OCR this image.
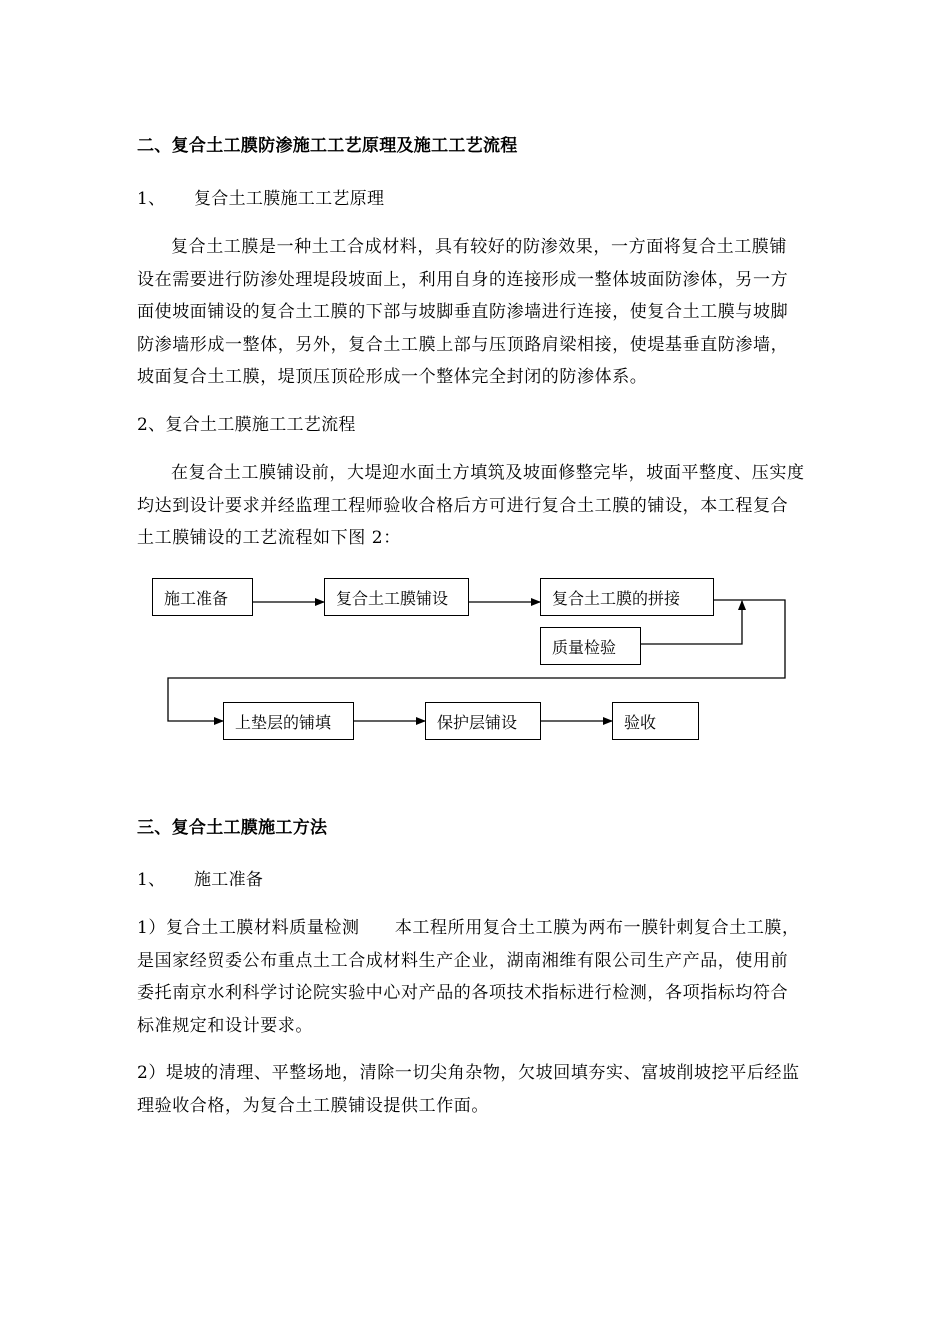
二、复合土工膜防渗施工工艺原理及施工工艺流程
1、 复合土工膜施工工艺原理
复合土工膜是一种土工合成材料，具有较好的防渗效果，一方面将复合土工膜铺
设在需要进行防渗处理堤段坡面上，利用自身的连接形成一整体坡面防渗体，另一方
面使坡面铺设的复合土工膜的下部与坡脚垂直防渗墙进行连接，使复合土工膜与坡脚
防渗墙形成一整体，另外，复合土工膜上部与压顶路肩梁相接，使堤基垂直防渗墙，
坡面复合土工膜，堤顶压顶砼形成一个整体完全封闭的防渗体系。
2、复合土工膜施工工艺流程
在复合土工膜铺设前，大堤迎水面土方填筑及坡面修整完毕，坡面平整度、压实度
均达到设计要求并经监理工程师验收合格后方可进行复合土工膜的铺设，本工程复合
土工膜铺设的工艺流程如下图 2：
施工准备	复合土工膜铺设	复合土工膜的拼接
质量检验
上垫层的铺填	保护层铺设	验收
三、复合土工膜施工方法
1、 施工准备
1）复合土工膜材料质量检测　　本工程所用复合土工膜为两布一膜针刺复合土工膜，
是国家经贸委公布重点土工合成材料生产企业，湖南湘维有限公司生产产品，使用前
委托南京水利科学讨论院实验中心对产品的各项技术指标进行检测，各项指标均符合
标准规定和设计要求。
2）堤坡的清理、平整场地，清除一切尖角杂物，欠坡回填夯实、富坡削坡挖平后经监
理验收合格，为复合土工膜铺设提供工作面。
